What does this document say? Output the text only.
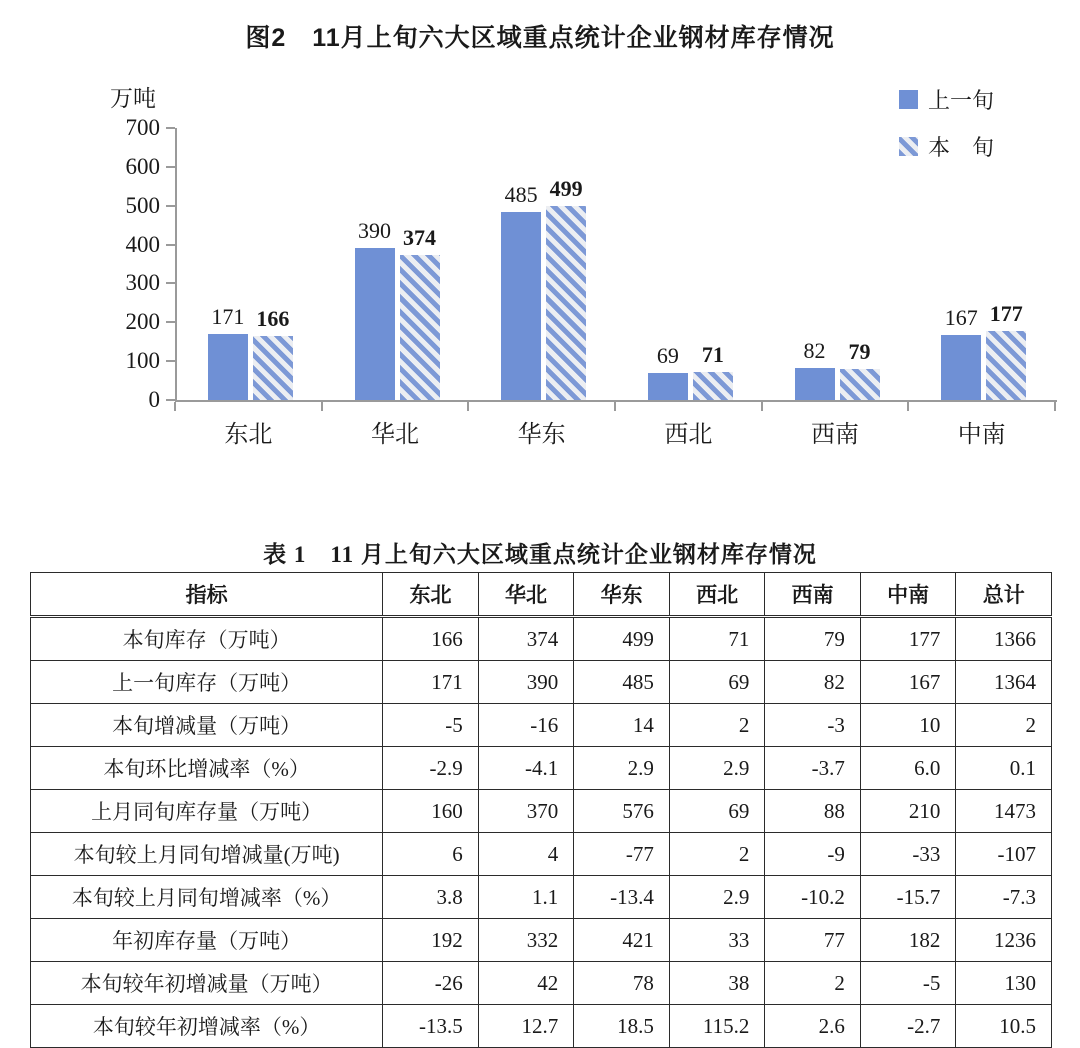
图2　11月上旬六大区域重点统计企业钢材库存情况
万吨	上一旬
本　旬
0
100
200
300
400
500
600
700
171 166
390 374
485 499
69 71	82 79
167 177
东北	华北	华东	西北	西南	中南
表 1　11 月上旬六大区域重点统计企业钢材库存情况
指标	东北	华北	华东	西北	西南	中南	总计
本旬库存（万吨）	166	374	499	71	79	177	1366
上一旬库存（万吨）	171	390	485	69	82	167	1364
本旬增减量（万吨）	-5	-16	14	2	-3	10	2
本旬环比增减率（%）	-2.9	-4.1	2.9	2.9	-3.7	6.0	0.1
上月同旬库存量（万吨）	160	370	576	69	88	210	1473
本旬较上月同旬增减量(万吨)	6	4	-77	2	-9	-33	-107
本旬较上月同旬增减率（%）	3.8	1.1	-13.4	2.9	-10.2	-15.7	-7.3
年初库存量（万吨）	192	332	421	33	77	182	1236
本旬较年初增减量（万吨）	-26	42	78	38	2	-5	130
本旬较年初增减率（%）	-13.5	12.7	18.5	115.2	2.6	-2.7	10.5
